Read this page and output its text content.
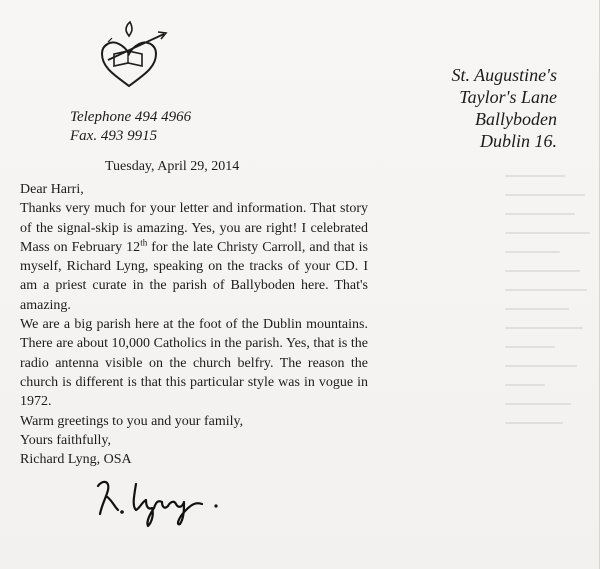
Telephone 494 4966
Fax. 493 9915
St. Augustine's
Taylor's Lane
Ballyboden
Dublin 16.
Tuesday, April 29, 2014

Dear Harri,

Thanks very much for your letter and information. That story of the signal-skip is amazing. Yes, you are right! I celebrated Mass on February 12th for the late Christy Carroll, and that is myself, Richard Lyng, speaking on the tracks of your CD. I am a priest curate in the parish of Ballyboden here. That's amazing.

We are a big parish here at the foot of the Dublin mountains. There are about 10,000 Catholics in the parish. Yes, that is the radio antenna visible on the church belfry. The reason the church is different is that this particular style was in vogue in 1972.

Warm greetings to you and your family,

Yours faithfully,

Richard Lyng, OSA
